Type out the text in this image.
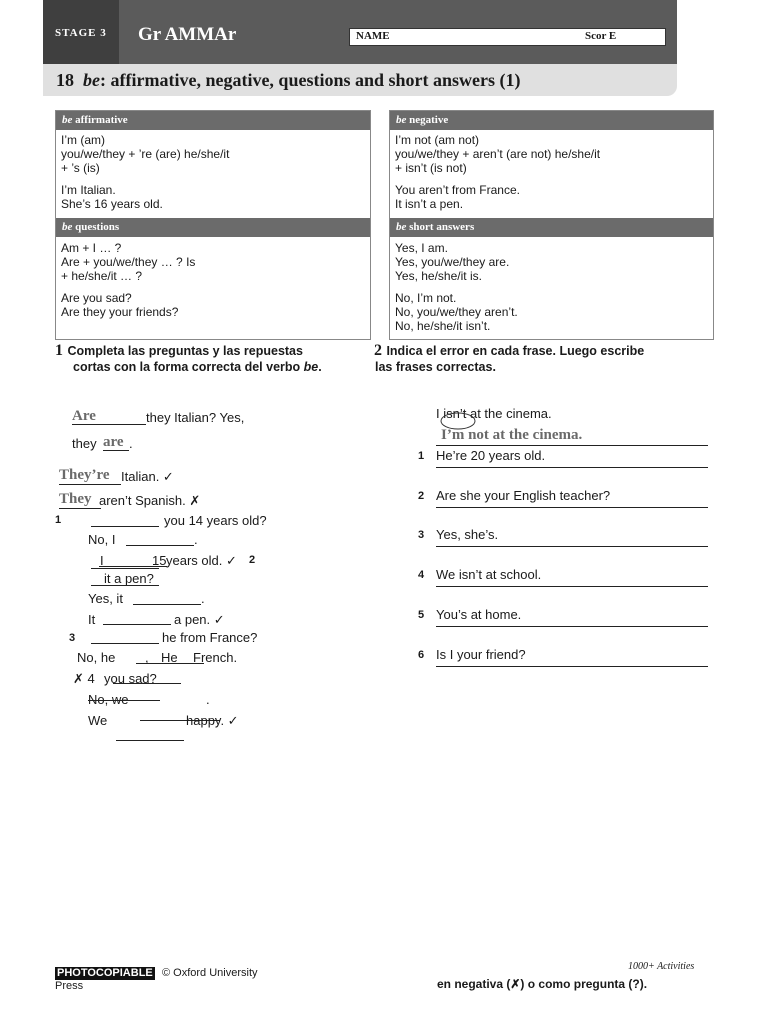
STAGE 3 Gr AMMAr	NAME	Scor E
18 be: affirmative, negative, questions and short answers (1)
be affirmative
I’m (am)
you/we/they + ’re (are) he/she/it
+ ’s (is)
I’m Italian.
She’s 16 years old.
be questions
Am + I … ?
Are + you/we/they … ? Is
+ he/she/it … ?
Are you sad?
Are they your friends?
be negative
I’m not (am not)
you/we/they + aren’t (are not) he/she/it
+ isn’t (is not)
You aren’t from France.
It isn’t a pen.
be short answers
Yes, I am.
Yes, you/we/they are.
Yes, he/she/it is.
No, I’m not.
No, you/we/they aren’t.
No, he/she/it isn’t.
1 Completa las preguntas y las repuestas
cortas con la forma correcta del verbo be.
2 Indica el error en cada frase. Luego escribe
las frases correctas.
Are	they Italian? Yes,
they are .
They’re Italian. ✓
They aren’t Spanish. ✗
1	you 14 years old?
No, I	.
I	15 years old. ✓ 2
it a pen?
Yes, it	.
It	a pen. ✓
3	he from France?
No, he , He French.
✗ 4 you sad?
No, we	.
We	happy. ✓
I isn’t at the cinema.
I’m not at the cinema.
1 He’re 20 years old.
2 Are she your English teacher?
3 Yes, she’s.
4 We isn’t at school.
5 You’s at home.
6 Is I your friend?
PHOTOCOPIABLE © Oxford University
Press
1000+ Activities
en negativa (✗) o como pregunta (?).
